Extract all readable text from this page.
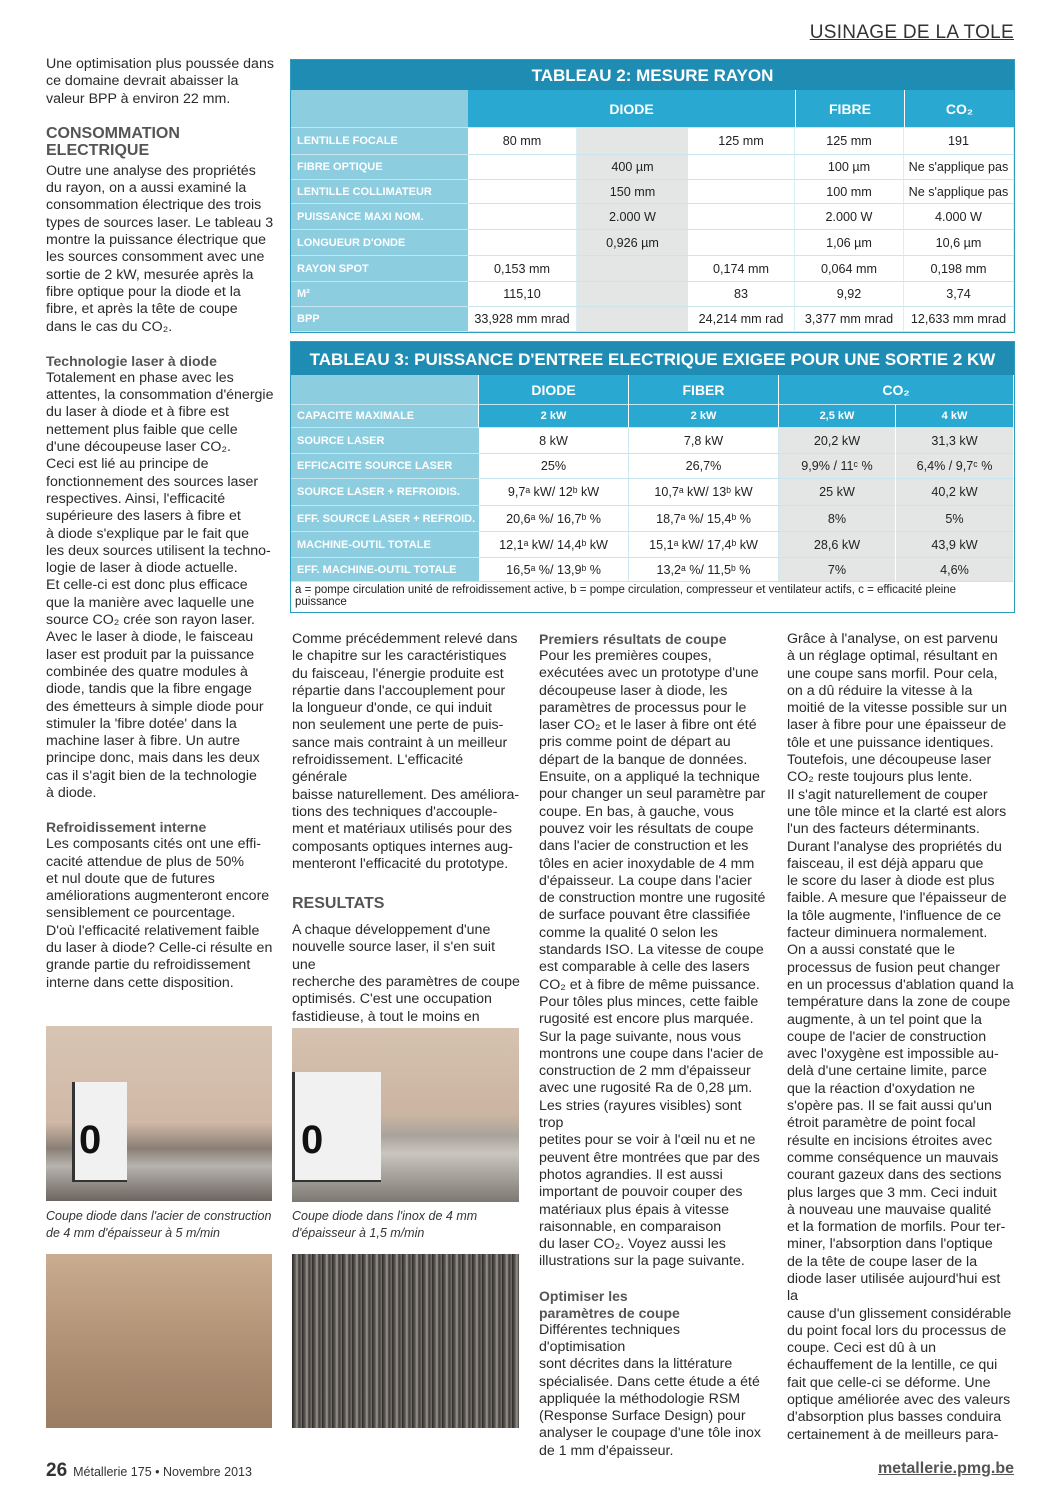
USINAGE DE LA TOLE

Une optimisation plus poussée dans
ce domaine devrait abaisser la
valeur BPP à environ 22 mm.

CONSOMMATION
ELECTRIQUE

Outre une analyse des propriétés
du rayon, on a aussi examiné la
consommation électrique des trois
types de sources laser. Le tableau 3
montre la puissance électrique que
les sources consomment avec une
sortie de 2 kW, mesurée après la
fibre optique pour la diode et la
fibre, et après la tête de coupe
dans le cas du CO₂.

Technologie laser à diode

Totalement en phase avec les
attentes, la consommation d'énergie
du laser à diode et à fibre est
nettement plus faible que celle
d'une découpeuse laser CO₂.
Ceci est lié au principe de
fonctionnement des sources laser
respectives. Ainsi, l'efficacité
supérieure des lasers à fibre et
à diode s'explique par le fait que
les deux sources utilisent la techno-
logie de laser à diode actuelle.
Et celle-ci est donc plus efficace
que la manière avec laquelle une
source CO₂ crée son rayon laser.
Avec le laser à diode, le faisceau
laser est produit par la puissance
combinée des quatre modules à
diode, tandis que la fibre engage
des émetteurs à simple diode pour
stimuler la 'fibre dotée' dans la
machine laser à fibre. Un autre
principe donc, mais dans les deux
cas il s'agit bien de la technologie
à diode.

Refroidissement interne

Les composants cités ont une effi-
cacité attendue de plus de 50%
et nul doute que de futures
améliorations augmenteront encore
sensiblement ce pourcentage.
D'où l'efficacité relativement faible
du laser à diode? Celle-ci résulte en
grande partie du refroidissement
interne dans cette disposition.

TABLEAU 2: MESURE RAYON
	DIODE			FIBRE	CO₂
LENTILLE FOCALE	80 mm		125 mm	125 mm	191
FIBRE OPTIQUE		400 µm		100 µm	Ne s'applique pas
LENTILLE COLLIMATEUR		150 mm		100 mm	Ne s'applique pas
PUISSANCE MAXI NOM.		2.000 W		2.000 W	4.000 W
LONGUEUR D'ONDE		0,926 µm		1,06 µm	10,6 µm
RAYON SPOT	0,153 mm		0,174 mm	0,064 mm	0,198 mm
M²	115,10		83	9,92	3,74
BPP	33,928 mm mrad		24,214 mm rad	3,377 mm mrad	12,633 mm mrad
TABLEAU 3: PUISSANCE D'ENTREE ELECTRIQUE EXIGEE POUR UNE SORTIE 2 KW
	DIODE	FIBER	CO₂	
CAPACITE MAXIMALE	2 kW	2 kW	2,5 kW	4 kW
SOURCE LASER	8 kW	7,8 kW	20,2 kW	31,3 kW
EFFICACITE SOURCE LASER	25%	26,7%	9,9% / 11ᶜ %	6,4% / 9,7ᶜ %
SOURCE LASER + REFROIDIS.	9,7ᵃ kW/ 12ᵇ kW	10,7ᵃ kW/ 13ᵇ kW	25 kW	40,2 kW
EFF. SOURCE LASER + REFROID.	20,6ᵃ %/ 16,7ᵇ %	18,7ᵃ %/ 15,4ᵇ %	8%	5%
MACHINE-OUTIL TOTALE	12,1ᵃ kW/ 14,4ᵇ kW	15,1ᵃ kW/ 17,4ᵇ kW	28,6 kW	43,9 kW
EFF. MACHINE-OUTIL TOTALE	16,5ᵃ %/ 13,9ᵇ %	13,2ᵃ %/ 11,5ᵇ %	7%	4,6%
a = pompe circulation unité de refroidissement active, b = pompe circulation, compresseur et ventilateur actifs, c = efficacité pleine puissance

Comme précédemment relevé dans
le chapitre sur les caractéristiques
du faisceau, l'énergie produite est
répartie dans l'accouplement pour
la longueur d'onde, ce qui induit
non seulement une perte de puis-
sance mais contraint à un meilleur
refroidissement. L'efficacité générale
baisse naturellement. Des améliora-
tions des techniques d'accouple-
ment et matériaux utilisés pour des
composants optiques internes aug-
menteront l'efficacité du prototype.

RESULTATS

A chaque développement d'une
nouvelle source laser, il s'en suit une
recherche des paramètres de coupe
optimisés. C'est une occupation
fastidieuse, à tout le moins en

Premiers résultats de coupe

Pour les premières coupes,
exécutées avec un prototype d'une
découpeuse laser à diode, les
paramètres de processus pour le
laser CO₂ et le laser à fibre ont été
pris comme point de départ au
départ de la banque de données.
Ensuite, on a appliqué la technique
pour changer un seul paramètre par
coupe. En bas, à gauche, vous
pouvez voir les résultats de coupe
dans l'acier de construction et les
tôles en acier inoxydable de 4 mm
d'épaisseur. La coupe dans l'acier
de construction montre une rugosité
de surface pouvant être classifiée
comme la qualité 0 selon les
standards ISO. La vitesse de coupe
est comparable à celle des lasers
CO₂ et à fibre de même puissance.
Pour tôles plus minces, cette faible
rugosité est encore plus marquée.
Sur la page suivante, nous vous
montrons une coupe dans l'acier de
construction de 2 mm d'épaisseur
avec une rugosité Ra de 0,28 µm.
Les stries (rayures visibles) sont trop
petites pour se voir à l'œil nu et ne
peuvent être montrées que par des
photos agrandies. Il est aussi
important de pouvoir couper des
matériaux plus épais à vitesse
raisonnable, en comparaison
du laser CO₂. Voyez aussi les
illustrations sur la page suivante.

Optimiser les
paramètres de coupe

Différentes techniques d'optimisation
sont décrites dans la littérature
spécialisée. Dans cette étude a été
appliquée la méthodologie RSM
(Response Surface Design) pour
analyser le coupage d'une tôle inox
de 1 mm d'épaisseur.

Grâce à l'analyse, on est parvenu
à un réglage optimal, résultant en
une coupe sans morfil. Pour cela,
on a dû réduire la vitesse à la
moitié de la vitesse possible sur un
laser à fibre pour une épaisseur de
tôle et une puissance identiques.
Toutefois, une découpeuse laser
CO₂ reste toujours plus lente.
Il s'agit naturellement de couper
une tôle mince et la clarté est alors
l'un des facteurs déterminants.
Durant l'analyse des propriétés du
faisceau, il est déjà apparu que
le score du laser à diode est plus
faible. A mesure que l'épaisseur de
la tôle augmente, l'influence de ce
facteur diminuera normalement.
On a aussi constaté que le
processus de fusion peut changer
en un processus d'ablation quand la
température dans la zone de coupe
augmente, à un tel point que la
coupe de l'acier de construction
avec l'oxygène est impossible au-
delà d'une certaine limite, parce
que la réaction d'oxydation ne
s'opère pas. Il se fait aussi qu'un
étroit paramètre de point focal
résulte en incisions étroites avec
comme conséquence un mauvais
courant gazeux dans des sections
plus larges que 3 mm. Ceci induit
à nouveau une mauvaise qualité
et la formation de morfils. Pour ter-
miner, l'absorption dans l'optique
de la tête de coupe laser de la
diode laser utilisée aujourd'hui est la
cause d'un glissement considérable
du point focal lors du processus de
coupe. Ceci est dû à un
échauffement de la lentille, ce qui
fait que celle-ci se déforme. Une
optique améliorée avec des valeurs
d'absorption plus basses conduira
certainement à de meilleurs para-

0
Coupe diode dans l'acier de construction
de 4 mm d'épaisseur à 5 m/min
0
Coupe diode dans l'inox de 4 mm
d'épaisseur à 1,5 m/min
26 Métallerie 175 • Novembre 2013	metallerie.pmg.be
